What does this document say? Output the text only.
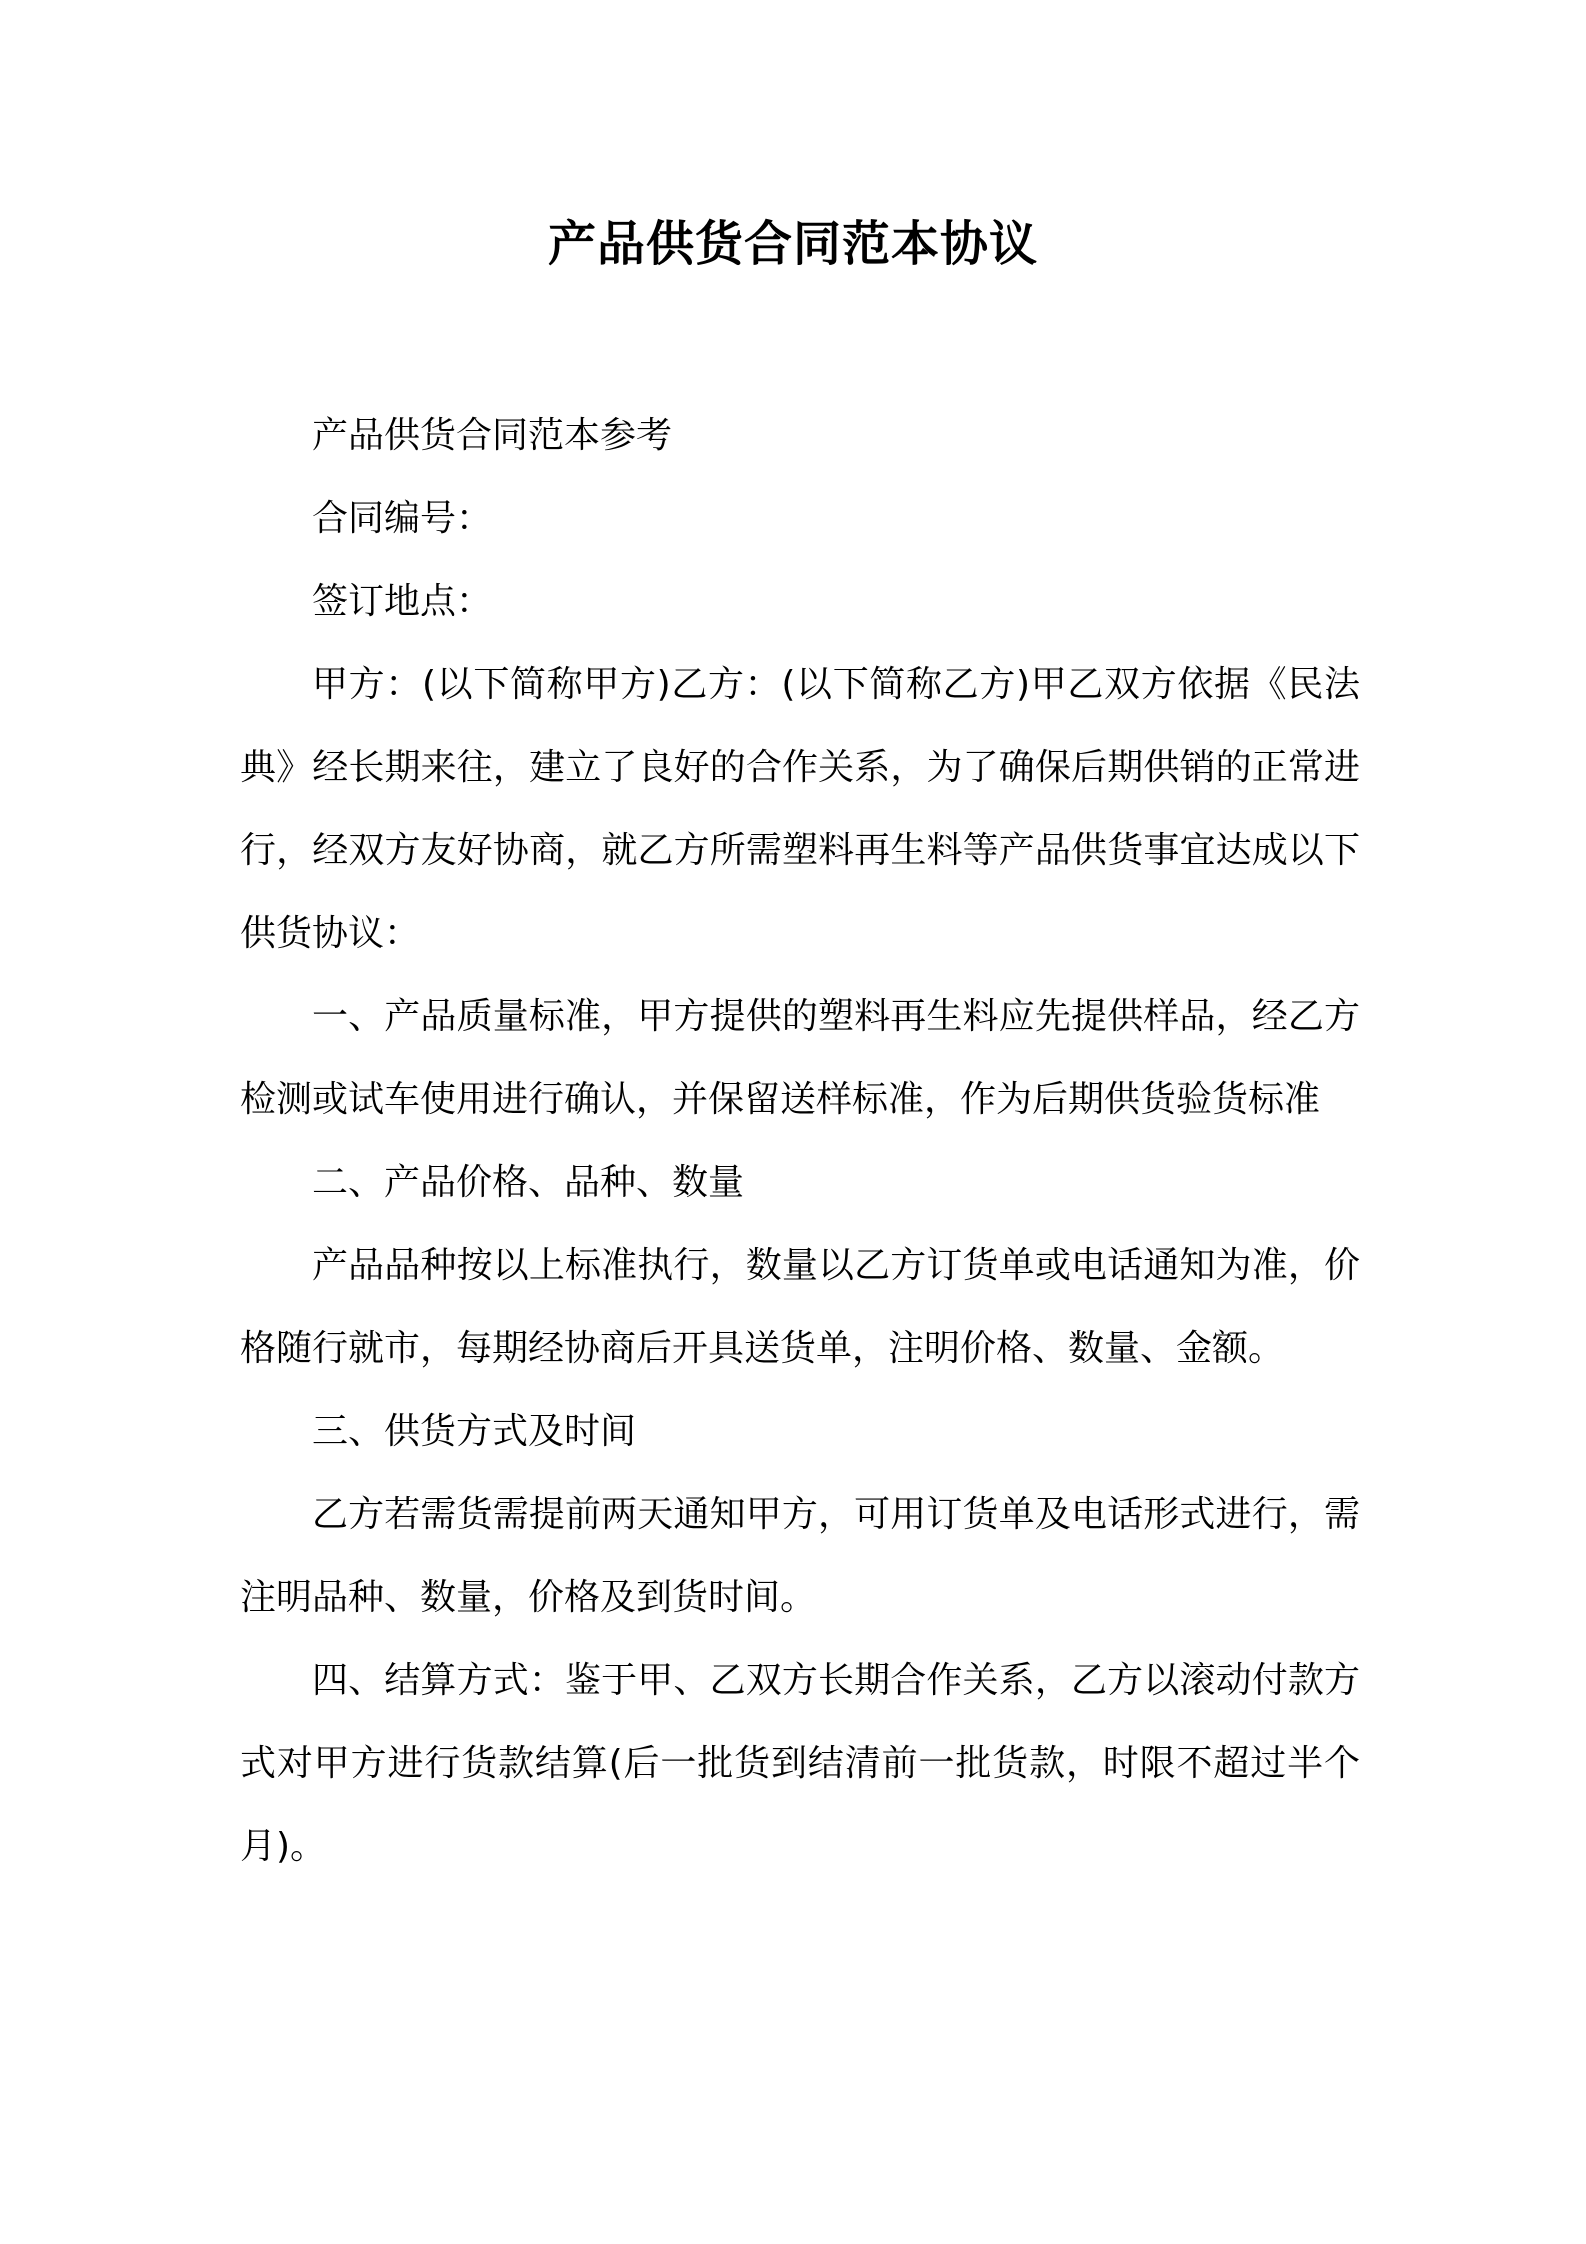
产品供货合同范本协议

产品供货合同范本参考

合同编号：

签订地点：

甲方：(以下简称甲方)乙方：(以下简称乙方)甲乙双方依据《民法典》经长期来往，建立了良好的合作关系，为了确保后期供销的正常进行，经双方友好协商，就乙方所需塑料再生料等产品供货事宜达成以下供货协议：

一、产品质量标准，甲方提供的塑料再生料应先提供样品，经乙方检测或试车使用进行确认，并保留送样标准，作为后期供货验货标准

二、产品价格、品种、数量

产品品种按以上标准执行，数量以乙方订货单或电话通知为准，价格随行就市，每期经协商后开具送货单，注明价格、数量、金额。

三、供货方式及时间

乙方若需货需提前两天通知甲方，可用订货单及电话形式进行，需注明品种、数量，价格及到货时间。

四、结算方式：鉴于甲、乙双方长期合作关系，乙方以滚动付款方式对甲方进行货款结算(后一批货到结清前一批货款，时限不超过半个月)。
